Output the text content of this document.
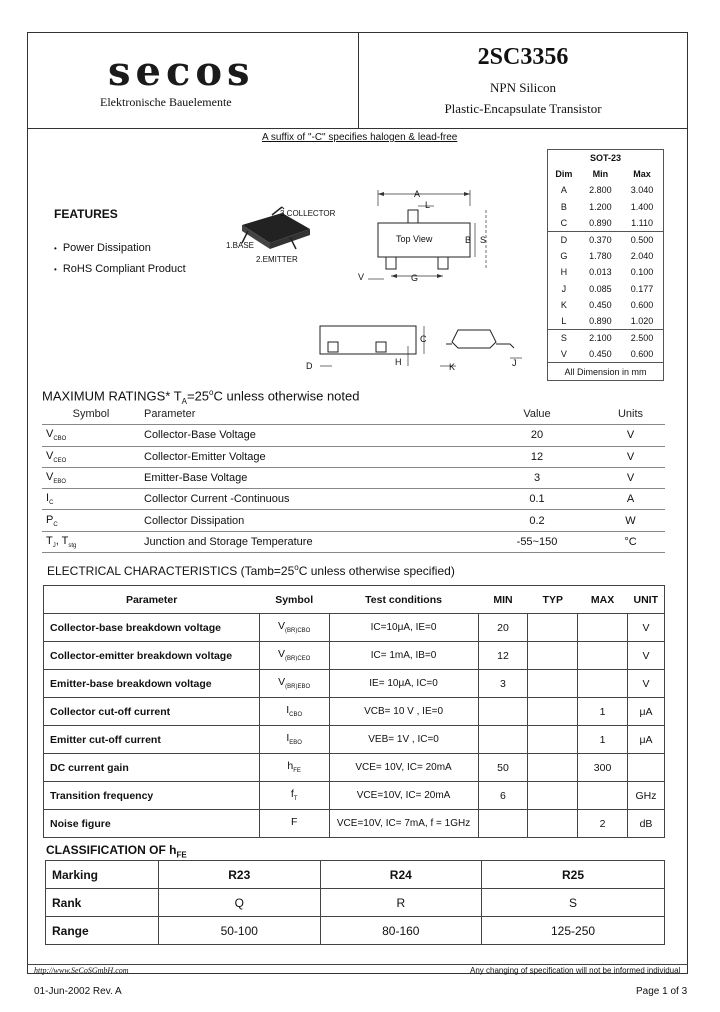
secos
Elektronische Bauelemente
2SC3356
NPN Silicon
Plastic-Encapsulate Transistor
A suffix of "-C" specifies halogen & lead-free
FEATURES
• Power Dissipation
• RoHS Compliant Product
3.COLLECTOR
1.BASE
2.EMITTER
A
L
Top View	B S
V	G
C
D	H	K	J
SOT-23		
Dim	Min	Max
A	2.800	3.040
B	1.200	1.400
C	0.890	1.110
D	0.370	0.500
G	1.780	2.040
H	0.013	0.100
J	0.085	0.177
K	0.450	0.600
L	0.890	1.020
S	2.100	2.500
V	0.450	0.600
All Dimension in mm		
MAXIMUM RATINGS* $T_A=25^oC$ unless otherwise noted
Symbol	Parameter	Value	Units
$V_{CBO}$	Collector-Base Voltage	20	V
$V_{CEO}$	Collector-Emitter Voltage	12	V
$V_{EBO}$	Emitter-Base Voltage	3	V
$I_C$	Collector Current -Continuous	0.1	A
$P_C$	Collector Dissipation	0.2	W
$T_J$, $T_{stg}$	Junction and Storage Temperature	-55~150	°C
ELECTRICAL CHARACTERISTICS ($Tamb=25^oC$ unless otherwise specified)
Parameter	Symbol	Test conditions	MIN	TYP	MAX	UNIT
Collector-base breakdown voltage	$V_{(BR)CBO}$	IC=10μA, IE=0	20			V
Collector-emitter breakdown voltage	$V_{(BR)CEO}$	IC= 1mA, IB=0	12			V
Emitter-base breakdown voltage	$V_{(BR)EBO}$	IE= 10μA, IC=0	3			V
Collector cut-off current	$I_{CBO}$	VCB= 10 V , IE=0			1	μA
Emitter cut-off current	$I_{EBO}$	VEB= 1V , IC=0			1	μA
DC current gain	$h_{FE}$	VCE= 10V, IC= 20mA	50		300	
Transition frequency	$f_T$	VCE=10V, IC= 20mA	6			GHz
Noise figure	F	VCE=10V, IC= 7mA, f = 1GHz			2	dB
CLASSIFICATION OF $h_{FE}$
Marking	R23	R24	R25
Rank	Q	R	S
Range	50-100	80-160	125-250
http://www.SeCoSGmbH.com	Any changing of specification will not be informed individual
01-Jun-2002 Rev. A	Page 1 of 3
